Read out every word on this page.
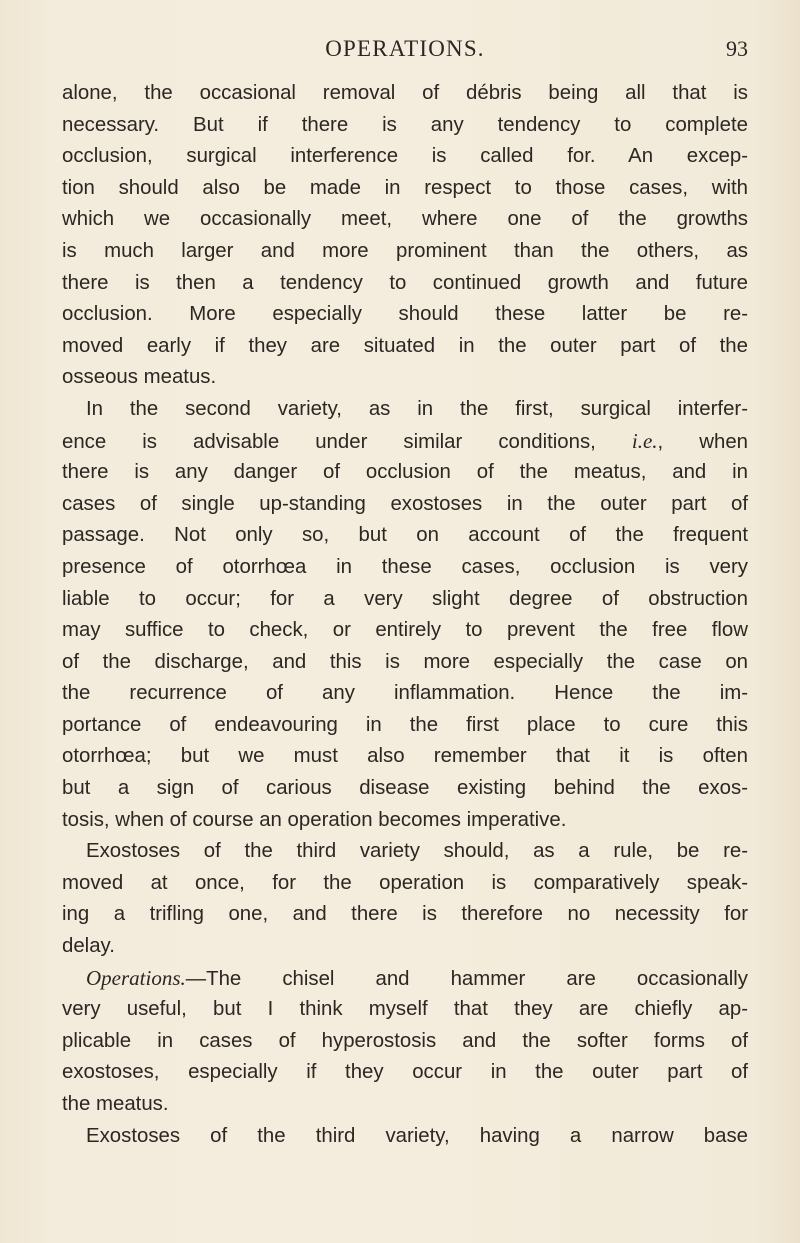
OPERATIONS.	93
alone, the occasional removal of débris being all that is
necessary. But if there is any tendency to complete
occlusion, surgical interference is called for. An excep-
tion should also be made in respect to those cases, with
which we occasionally meet, where one of the growths
is much larger and more prominent than the others, as
there is then a tendency to continued growth and future
occlusion. More especially should these latter be re-
moved early if they are situated in the outer part of the
osseous meatus.
In the second variety, as in the first, surgical interfer-
ence is advisable under similar conditions, i.e., when
there is any danger of occlusion of the meatus, and in
cases of single up-standing exostoses in the outer part of
passage. Not only so, but on account of the frequent
presence of otorrhœa in these cases, occlusion is very
liable to occur; for a very slight degree of obstruction
may suffice to check, or entirely to prevent the free flow
of the discharge, and this is more especially the case on
the recurrence of any inflammation. Hence the im-
portance of endeavouring in the first place to cure this
otorrhœa; but we must also remember that it is often
but a sign of carious disease existing behind the exos-
tosis, when of course an operation becomes imperative.
Exostoses of the third variety should, as a rule, be re-
moved at once, for the operation is comparatively speak-
ing a trifling one, and there is therefore no necessity for
delay.
Operations.—The chisel and hammer are occasionally
very useful, but I think myself that they are chiefly ap-
plicable in cases of hyperostosis and the softer forms of
exostoses, especially if they occur in the outer part of
the meatus.
Exostoses of the third variety, having a narrow base
